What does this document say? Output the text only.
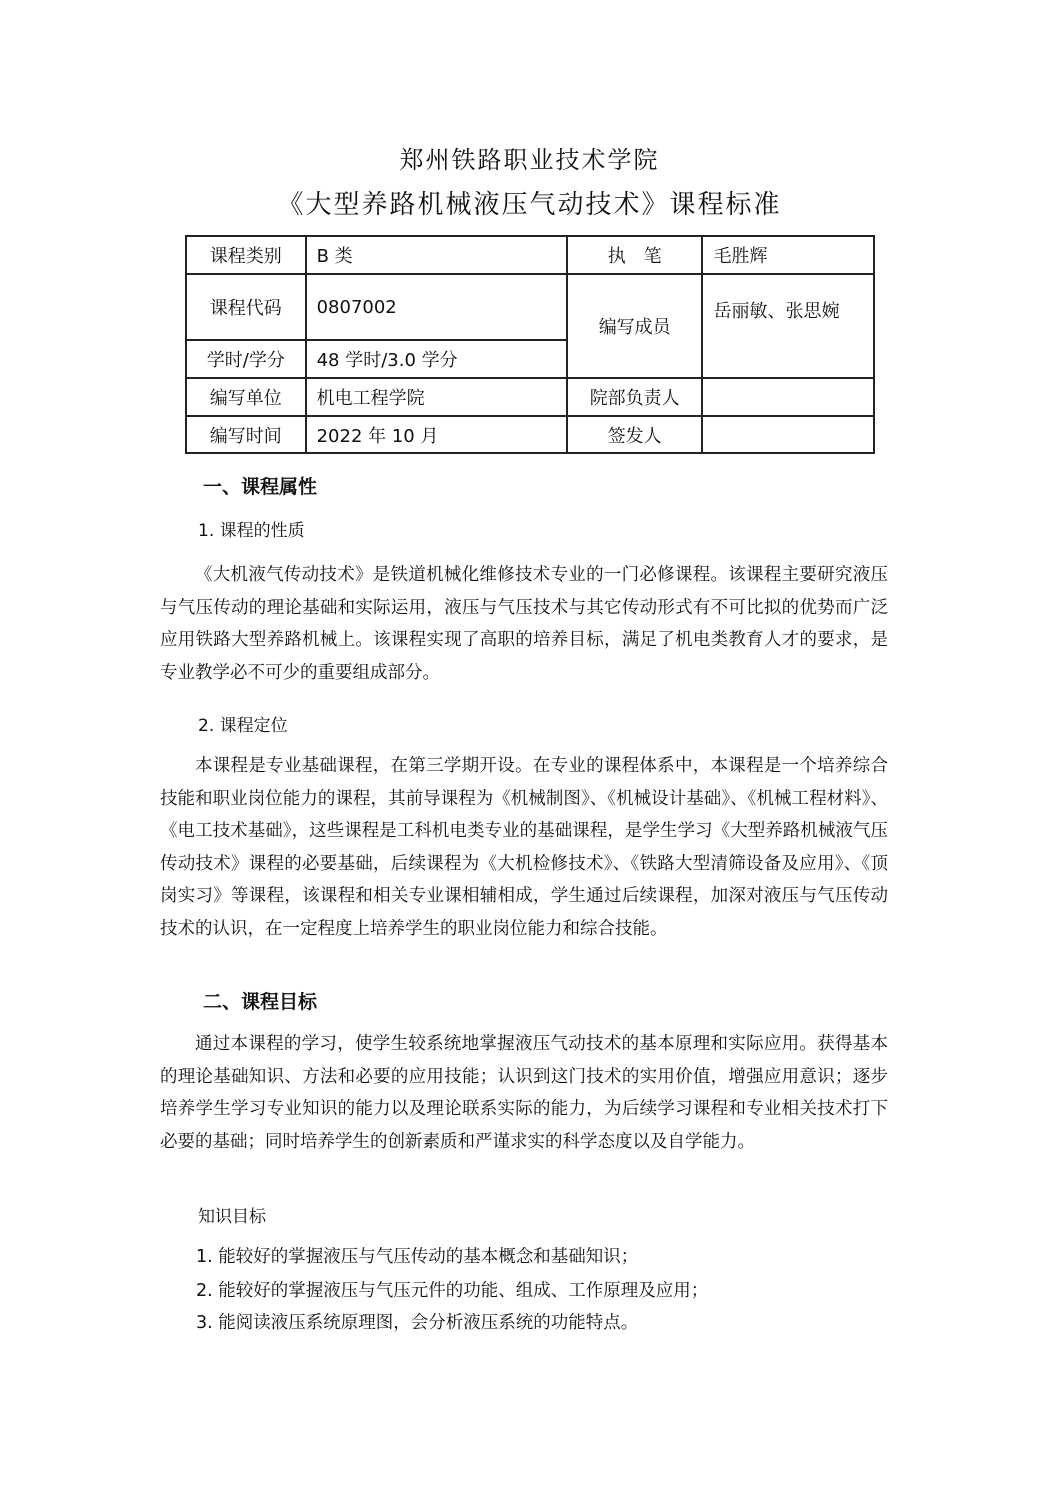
郑州铁路职业技术学院
《大型养路机械液压气动技术》课程标准
课程类别	B 类	执　笔	毛胜辉
课程代码	0807002	编写成员	岳丽敏、张思婉
学时/学分	48 学时/3.0 学分		
编写单位	机电工程学院	院部负责人	
编写时间	2022 年 10 月	签发人	
一、课程属性
1. 课程的性质

《大机液气传动技术》是铁道机械化维修技术专业的一门必修课程。该课程主要研究液压与气压传动的理论基础和实际运用，液压与气压技术与其它传动形式有不可比拟的优势而广泛应用铁路大型养路机械上。该课程实现了高职的培养目标，满足了机电类教育人才的要求，是专业教学必不可少的重要组成部分。

2. 课程定位

本课程是专业基础课程，在第三学期开设。在专业的课程体系中，本课程是一个培养综合技能和职业岗位能力的课程，其前导课程为《机械制图》、《机械设计基础》、《机械工程材料》、《电工技术基础》，这些课程是工科机电类专业的基础课程，是学生学习《大型养路机械液气压传动技术》课程的必要基础，后续课程为《大机检修技术》、《铁路大型清筛设备及应用》、《顶岗实习》等课程，该课程和相关专业课相辅相成，学生通过后续课程，加深对液压与气压传动技术的认识，在一定程度上培养学生的职业岗位能力和综合技能。

二、课程目标

通过本课程的学习，使学生较系统地掌握液压气动技术的基本原理和实际应用。获得基本的理论基础知识、方法和必要的应用技能；认识到这门技术的实用价值，增强应用意识；逐步培养学生学习专业知识的能力以及理论联系实际的能力，为后续学习课程和专业相关技术打下必要的基础；同时培养学生的创新素质和严谨求实的科学态度以及自学能力。

知识目标
1. 能较好的掌握液压与气压传动的基本概念和基础知识；
2. 能较好的掌握液压与气压元件的功能、组成、工作原理及应用；
3. 能阅读液压系统原理图，会分析液压系统的功能特点。
